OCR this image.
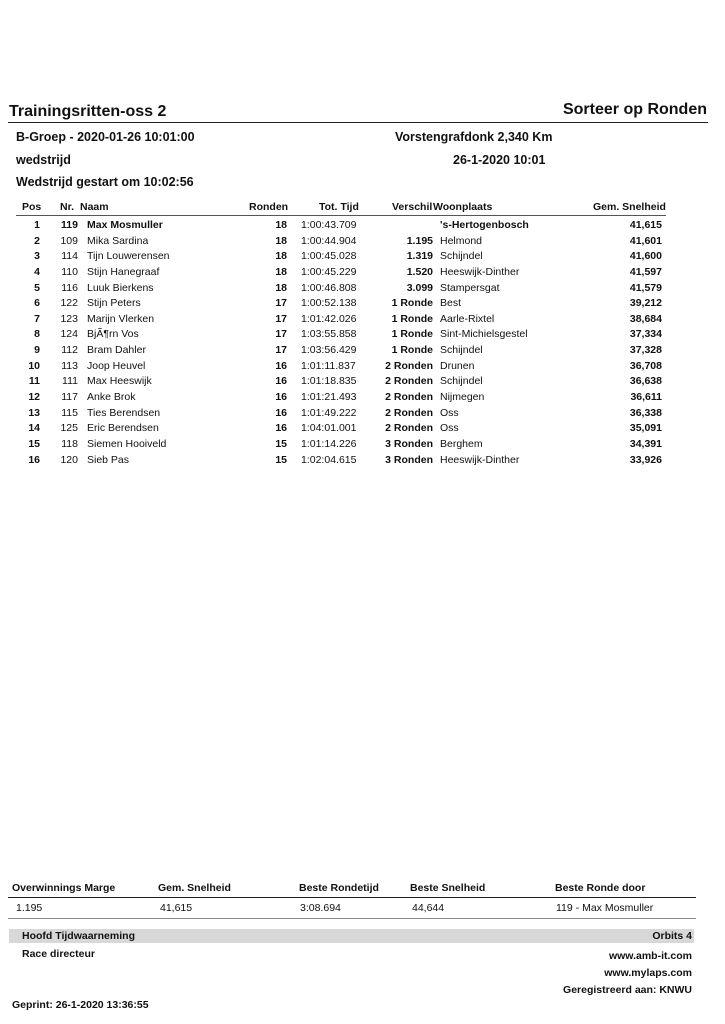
Trainingsritten-oss 2	Sorteer op Ronden
B-Groep - 2020-01-26 10:01:00	Vorstengrafdonk 2,340 Km
wedstrijd	26-1-2020 10:01
Wedstrijd gestart om 10:02:56
Pos Nr. Naam	Ronden	Tot. Tijd	Verschil Woonplaats	Gem. Snelheid
1	119 Max Mosmuller	18 1:00:43.709	's-Hertogenbosch	41,615
2	109 Mika Sardina	18 1:00:44.904	1.195 Helmond	41,601
3	114 Tijn Louwerensen	18 1:00:45.028	1.319 Schijndel	41,600
4	110 Stijn Hanegraaf	18 1:00:45.229	1.520 Heeswijk-Dinther	41,597
5	116 Luuk Bierkens	18 1:00:46.808	3.099 Stampersgat	41,579
6	122 Stijn Peters	17 1:00:52.138	1 Ronde Best	39,212
7	123 Marijn Vlerken	17 1:01:42.026	1 Ronde Aarle-Rixtel	38,684
8	124 BjÃ¶rn Vos	17 1:03:55.858	1 Ronde Sint-Michielsgestel	37,334
9	112 Bram Dahler	17 1:03:56.429	1 Ronde Schijndel	37,328
10	113 Joop Heuvel	16 1:01:11.837	2 Ronden Drunen	36,708
11	111 Max Heeswijk	16 1:01:18.835	2 Ronden Schijndel	36,638
12	117 Anke Brok	16 1:01:21.493	2 Ronden Nijmegen	36,611
13	115 Ties Berendsen	16 1:01:49.222	2 Ronden Oss	36,338
14	125 Eric Berendsen	16 1:04:01.001	2 Ronden Oss	35,091
15	118 Siemen Hooiveld	15 1:01:14.226	3 Ronden Berghem	34,391
16	120 Sieb Pas	15 1:02:04.615	3 Ronden Heeswijk-Dinther	33,926
Overwinnings Marge	Gem. Snelheid	Beste Rondetijd	Beste Snelheid	Beste Ronde door
1.195	41,615	3:08.694	44,644	119 - Max Mosmuller
Hoofd Tijdwaarneming	Orbits 4
Race directeur	www.amb-it.com
www.mylaps.com
Geregistreerd aan: KNWU
Geprint: 26-1-2020 13:36:55
